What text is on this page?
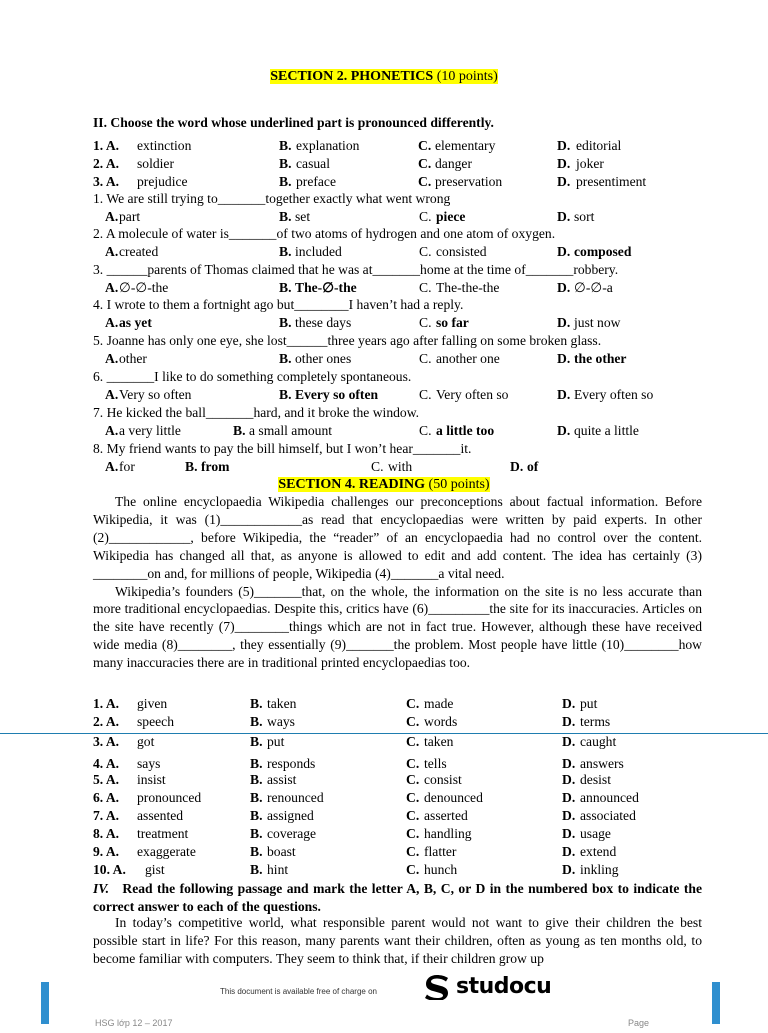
SECTION 2. PHONETICS (10 points)
II. Choose the word whose underlined part is pronounced differently.
1. A. extinction	B. explanation	C. elementary	D. editorial
2. A. soldier	B. casual	C. danger	D. joker
3. A. prejudice	B. preface	C. preservation	D. presentiment
1. We are still trying to_______together exactly what went wrong
A. part	B. set	C. piece	D. sort
2. A molecule of water is_______of two atoms of hydrogen and one atom of oxygen.
A. created	B. included	C. consisted	D. composed
3. ______parents of Thomas claimed that he was at_______home at the time of_______robbery.
A. ∅-∅-the	B. The-∅-the	C. The-the-the	D. ∅-∅-a
4. I wrote to them a fortnight ago but________I haven’t had a reply.
A. as yet	B. these days	C. so far	D. just now
5. Joanne has only one eye, she lost______three years ago after falling on some broken glass.
A. other	B. other ones	C. another one	D. the other
6. _______I like to do something completely spontaneous.
A. Very so often	B. Every so often	C. Very often so	D. Every often so
7. He kicked the ball_______hard, and it broke the window.
A. a very little	B. a small amount	C. a little too	D. quite a little
8. My friend wants to pay the bill himself, but I won’t hear_______it.
A. for	B. from	C. with	D. of
SECTION 4. READING (50 points)

The online encyclopaedia Wikipedia challenges our preconceptions about factual information. Before Wikipedia, it was (1)____________as read that encyclopaedias were written by paid experts. In other (2)____________, before Wikipedia, the “reader” of an encyclopaedia had no control over the content. Wikipedia has changed all that, as anyone is allowed to edit and add content. The idea has certainly (3) ________on and, for millions of people, Wikipedia (4)_______a vital need.

Wikipedia’s founders (5)_______that, on the whole, the information on the site is no less accurate than more traditional encyclopaedias. Despite this, critics have (6)_________the site for its inaccuracies. Articles on the site have recently (7)________things which are not in fact true. However, although these have received wide media (8)________, they essentially (9)_______the problem. Most people have little (10)________how many inaccuracies there are in traditional printed encyclopaedias too.

1. A. given	B. taken	C. made	D. put
2. A. speech	B. ways	C. words	D. terms
3. A. got	B. put	C. taken	D. caught
4. A. says	B. responds	C. tells	D. answers
5. A. insist	B. assist	C. consist	D. desist
6. A. pronounced	B. renounced	C. denounced	D. announced
7. A. assented	B. assigned	C. asserted	D. associated
8. A. treatment	B. coverage	C. handling	D. usage
9. A. exaggerate	B. boast	C. flatter	D. extend
10. A. gist	B. hint	C. hunch	D. inkling
IV. Read the following passage and mark the letter A, B, C, or D in the numbered box to indicate the correct answer to each of the questions.

In today’s competitive world, what responsible parent would not want to give their children the best possible start in life? For this reason, many parents want their children, often as young as ten months old, to become familiar with computers. They seem to think that, if their children grow up

HSG lớp 12 – 2017	Page
This document is available free of charge on	studocu
